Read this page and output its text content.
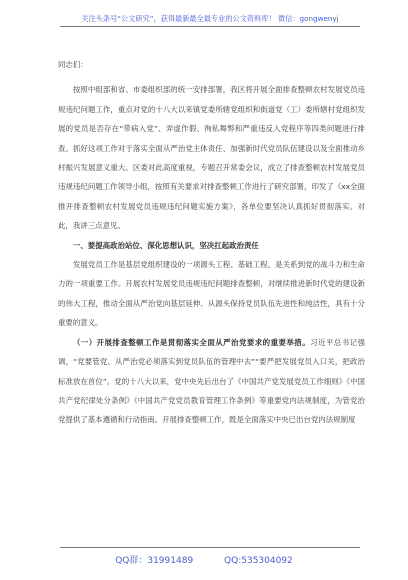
关注头条号“公文研究”，获得最新最全最专业的公文资料库！ 微信：gongwenyj

同志们：

按照中组部和省、市委组织部的统一安排部署，我区将开展全面排查整顿农村发展党员违规违纪问题工作，重点对党的十八大以来镇党委所辖党组织和街道党（工）委所辖村党组织发展的党员是否存在“带病入党”、弄虚作假、徇私舞弊和严重违反入党程序等四类问题进行排查。抓好这项工作对于落实全面从严治党主体责任、加强新时代党员队伍建设以及全面推动乡村振兴发展意义重大。区委对此高度重视，专题召开常委会议，成立了排查整顿农村发展党员违规违纪问题工作领导小组，按照有关要求对排查整顿工作进行了研究部署，印发了《xx全面推开排查整顿农村发展党员违规违纪问题实施方案》，各单位要坚决认真抓好贯彻落实。对此，我讲三点意见。

一、要提高政治站位、深化思想认识，坚决扛起政治责任

发展党员工作是基层党组织建设的一项源头工程、基础工程，是关系到党的战斗力和生命力的一项重要工作。开展农村发展党员违规违纪问题排查整顿，对继续推进新时代党的建设新的伟大工程，推动全面从严治党向基层延伸、从源头保持党员队伍先进性和纯洁性，具有十分重要的意义。

（一）开展排查整顿工作是贯彻落实全面从严治党要求的重要举措。习近平总书记强调，“党要管党、从严治党必须落实到党员队伍的管理中去”“要严把发展党员入口关，把政治标准放在首位”。党的十八大以来，党中央先后出台了《中国共产党发展党员工作细则》《中国共产党纪律处分条例》《中国共产党党员教育管理工作条例》等重要党内法规制度，为管党治党提供了基本遵循和行动指南。开展排查整顿工作，既是全面落实中央已出台党内法规制度

QQ群：31991489	QQ:535304092
